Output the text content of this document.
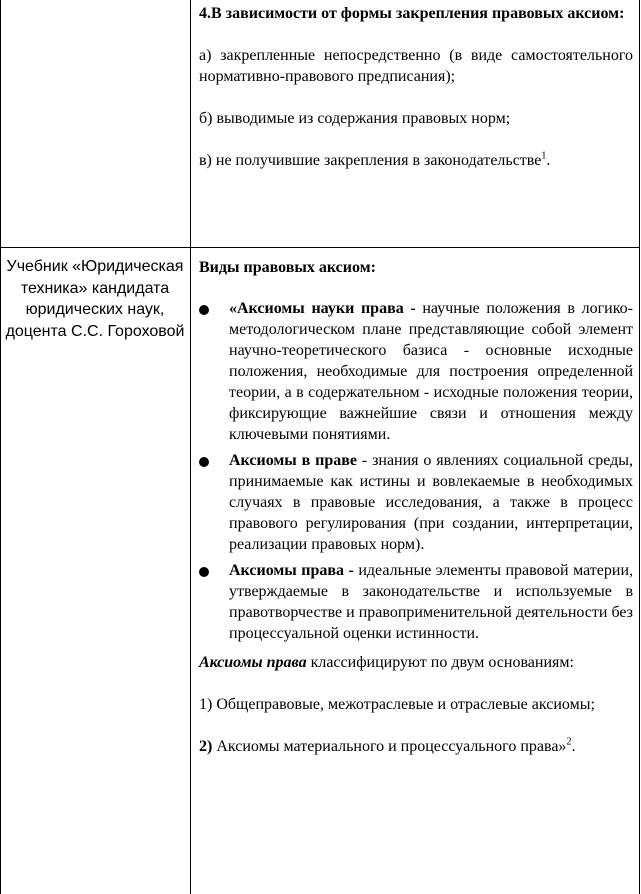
4.В зависимости от формы закрепления правовых аксиом:

а) закрепленные непосредственно (в виде самостоятельного нормативно-правового предписания);

б) выводимые из содержания правовых норм;

в) не получившие закрепления в законодательстве$^1$.

Учебник «Юридическая техника» кандидата юридических наук, доцента С.С. Гороховой

Виды правовых аксиом:

«Аксиомы науки права - научные положения в логико-методологическом плане представляющие собой элемент научно-теоретического базиса - основные исходные положения, необходимые для построения определенной теории, а в содержательном - исходные положения теории, фиксирующие важнейшие связи и отношения между ключевыми понятиями.
Аксиомы в праве - знания о явлениях социальной среды, принимаемые как истины и вовлекаемые в необходимых случаях в правовые исследования, а также в процесс правового регулирования (при создании, интерпретации, реализации правовых норм).
Аксиомы права - идеальные элементы правовой материи, утверждаемые в законодательстве и используемые в правотворчестве и правоприменительной деятельности без процессуальной оценки истинности.

Аксиомы права классифицируют по двум основаниям:

1) Общеправовые, межотраслевые и отраслевые аксиомы;

2) Аксиомы материального и процессуального права»$^2$.
